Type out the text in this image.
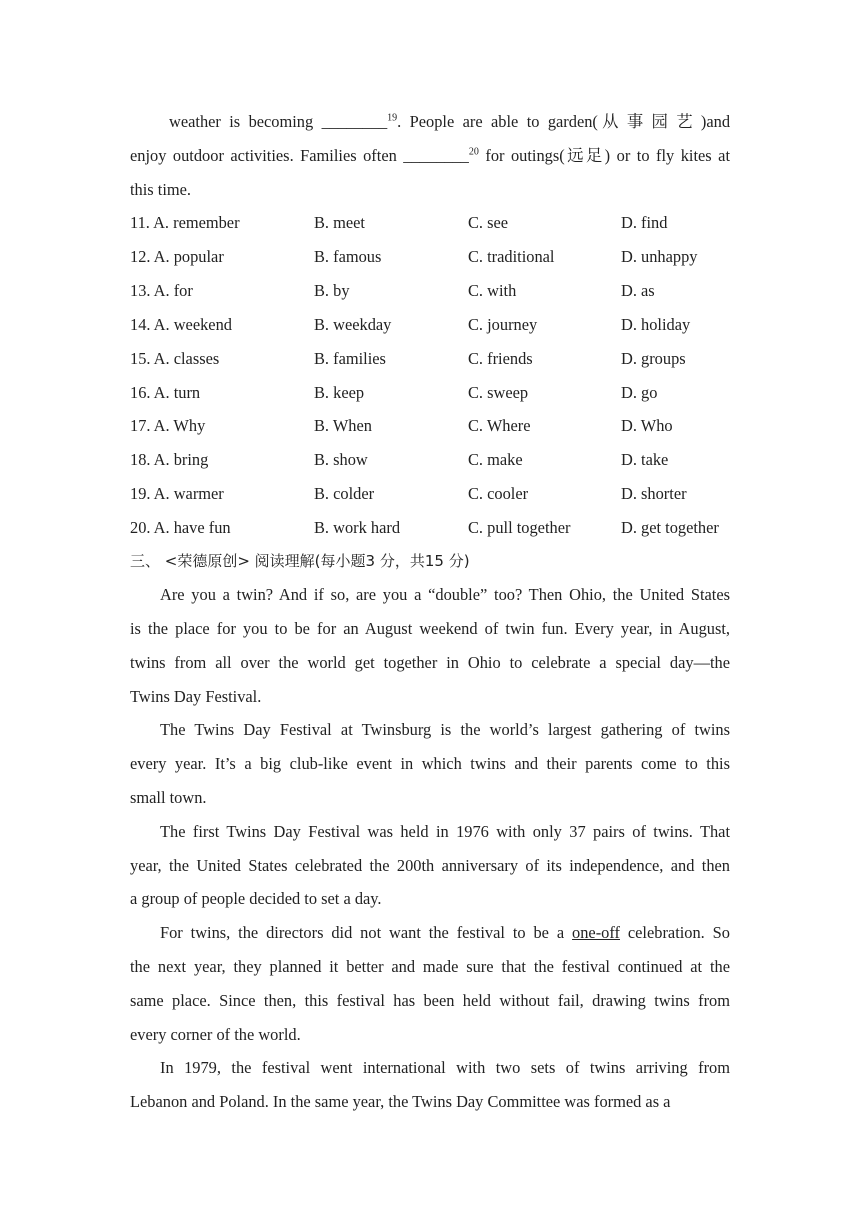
weather is becoming ________$^{19}$. People are able to garden(从事园艺)and
enjoy outdoor activities. Families often ________$^{20}$ for outings(远足) or to fly kites at
this time.
11. A. remember	B. meet	C. see	D. find
12. A. popular	B. famous	C. traditional	D. unhappy
13. A. for	B. by	C. with	D. as
14. A. weekend	B. weekday	C. journey	D. holiday
15. A. classes	B. families	C. friends	D. groups
16. A. turn	B. keep	C. sweep	D. go
17. A. Why	B. When	C. Where	D. Who
18. A. bring	B. show	C. make	D. take
19. A. warmer	B. colder	C. cooler	D. shorter
20. A. have fun	B. work hard	C. pull together	D. get together
三、 <荣德原创> 阅读理解(每小题3 分，共15 分)
Are you a twin? And if so, are you a “double” too? Then Ohio, the United States
is the place for you to be for an August weekend of twin fun. Every year, in August,
twins from all over the world get together in Ohio to celebrate a special day—the
Twins Day Festival.
The Twins Day Festival at Twinsburg is the world’s largest gathering of twins
every year. It’s a big club-like event in which twins and their parents come to this
small town.
The first Twins Day Festival was held in 1976 with only 37 pairs of twins. That
year, the United States celebrated the 200th anniversary of its independence, and then
a group of people decided to set a day.
For twins, the directors did not want the festival to be a one-off celebration. So
the next year, they planned it better and made sure that the festival continued at the
same place. Since then, this festival has been held without fail, drawing twins from
every corner of the world.
In 1979, the festival went international with two sets of twins arriving from
Lebanon and Poland. In the same year, the Twins Day Committee was formed as a
